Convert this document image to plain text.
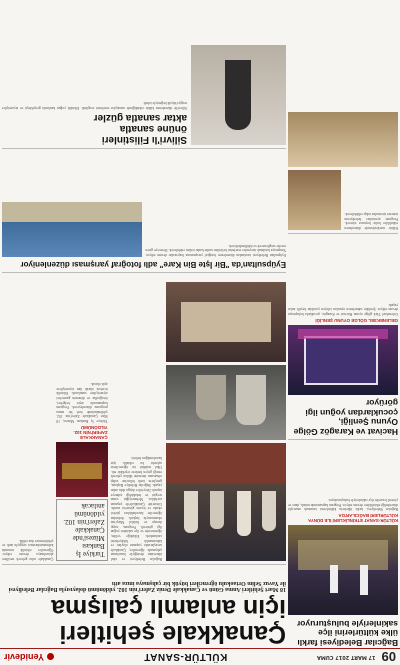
09
17 MART 2017 CUMA
KÜLTÜR-SANAT
Yenidevir
Çanakkale şehitleri
için anlamlı çalışma
18 Mart Şehitleri Anma Günü ve Çanakkale Deniz Zaferi'nin 102. yıldönümü dolayısıyla Bağcılar Belediyesi ile Yavuz Selim Ortaokulu öğrencileri büyük bir çalışmaya imza attı

Bağcılar Belediyesi ve okul idaresinin desteğiyle hazırlanan çalışmada öğrenciler, Çanakkale savaşlarında yaşanan olayları ve kahramanlık hikâyelerini canlandırdı. Etkinliğe veliler, öğretmenler ve ilçe sakinleri yoğun ilgi gösterdi. Program, saygı duruşu ve İstiklal Marşı'nın okunmasıyla başladı. Ardından öğrenciler hazırladıkları şiirleri okudu ve tiyatro gösterisi sundu. Gösteride Çanakkale'de yaşanan zorluklar, Mehmetçiğin vatan sevgisi ve fedakârlığı sahneye taşındı. İzleyiciler duygu dolu anlar yaşadı. Bağcılar Belediye Başkanı, gençlerin tarih bilincine sahip olmasının önemine dikkat çekerek emeği geçen herkese teşekkür etti. Okul müdürü ise öğrencilerin aylardır bu etkinlik için hazırlandığını belirtti.

Turkiye İş Bankası Müzesi'nde Çanakkale Zaferi'nin 102. yıldönümü anılacak
ÇANAKKALE ZAFERİ'NİN 102. YILDÖNÜMÜ
Türkiye İş Bankası Müzesi, 18 Mart Çanakkale Zaferi'nin 102. yıldönümünde özel bir anma programı düzenleyecek. Program kapsamında arşiv belgeleri, fotoğraflar ve dönemin gazeteleri ziyaretçilere sunulacak. Etkinlik ücretsiz olarak tüm ziyaretçilere açık olacak.

Çanakkale ruhu gelecek nesillere aktarılmaya devam ediyor. Öğrenciler etkinlik sonunda kahramanlarımızı saygıyla andı ve şehitlerimize dua edildi.

Eyüpsultan'da "Bir İşte Bin Kare" adlı fotoğraf yarışması düzenleniyor
Eyüpsultan Belediyesi tarafından düzenlenen fotoğraf yarışmasına başvurular devam ediyor. Yarışmaya katılmak isteyenler eserlerini belirtilen tarihe kadar teslim edebilecek. Dereceye giren eserler sergilenecek ve ödüllendirilecek.
Silivri'lı Filistinleri
önüne sanatla
aktar sanatla güzler
Silivri'de düzenlenen kültür etkinliğinde sanatçılar eserlerini sergiledi. Etkinlik yoğun katılımla gerçekleşti ve ziyaretçiler sergiyi büyük beğeniyle izledi.
Bağcılar Belediyesi farklı ülke kültürlerini ilçe sakinleriyle buluşturuyor
KÜLTÜR-SANAT ETKİNLİKLERİ İLE DÜNYA KÜLTÜRLERİ BAĞCILAR'DA
Bağcılar Belediyesi, farklı ülkelerin kültürlerini tanıtmak amacıyla düzenlediği etkinliklere devam ediyor. Program kapsamında müzik, dans ve yöresel lezzetler ilçe sakinleriyle buluşturuluyor.
Hacivat ve Karagöz Gölge Oyunu Şenliği, çocuklardan yoğun ilgi görüyor
GELENEKSEL GÖLGE OYUNU ŞENLİĞİ
Geleneksel Türk gölge oyunu Hacivat ve Karagöz, çocuklarla buluşmaya devam ediyor. Şenlikte sahnelenen oyunları izleyen çocuklar keyifli anlar yaşadı.
Kültür merkezlerinde düzenlenen etkinlikler hafta boyunca sürecek. Program ayrıntıları belediyenin internet sitesinden takip edilebilecek.
